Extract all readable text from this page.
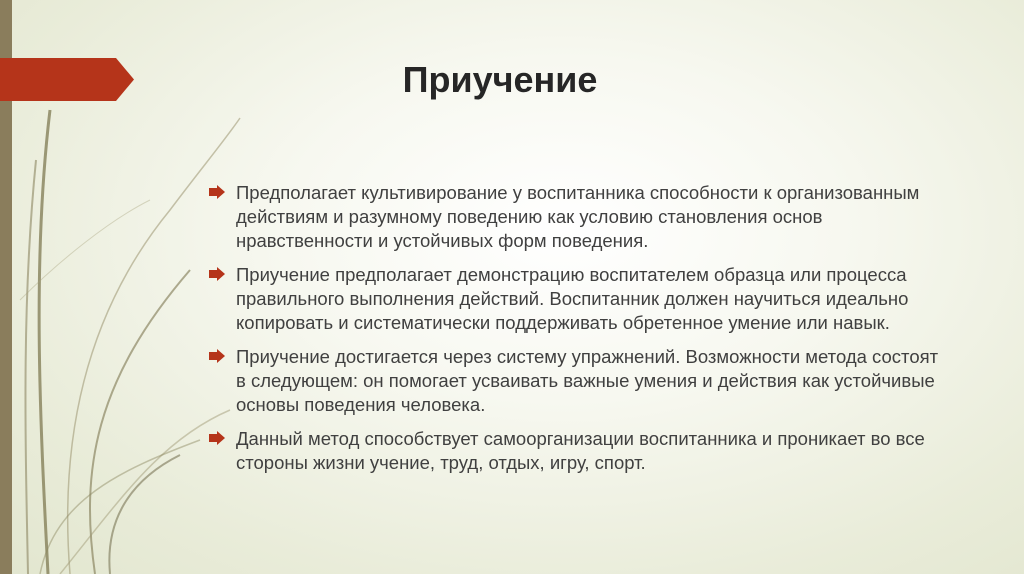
Приучение
Предполагает культивирование у воспитанника способности к организованным действиям и разумному поведению как условию становления основ нравственности и устойчивых форм поведения.
Приучение предполагает демонстрацию воспитателем образца или процесса правильного выполнения действий. Воспитанник должен научиться идеально копировать и систематически поддерживать обретенное умение или навык.
Приучение достигается через систему упражнений. Возможности метода состоят в следующем: он помогает усваивать важные умения и действия как устойчивые основы поведения человека.
Данный метод способствует самоорганизации воспитанника и проникает во все стороны жизни учение, труд, отдых, игру, спорт.
